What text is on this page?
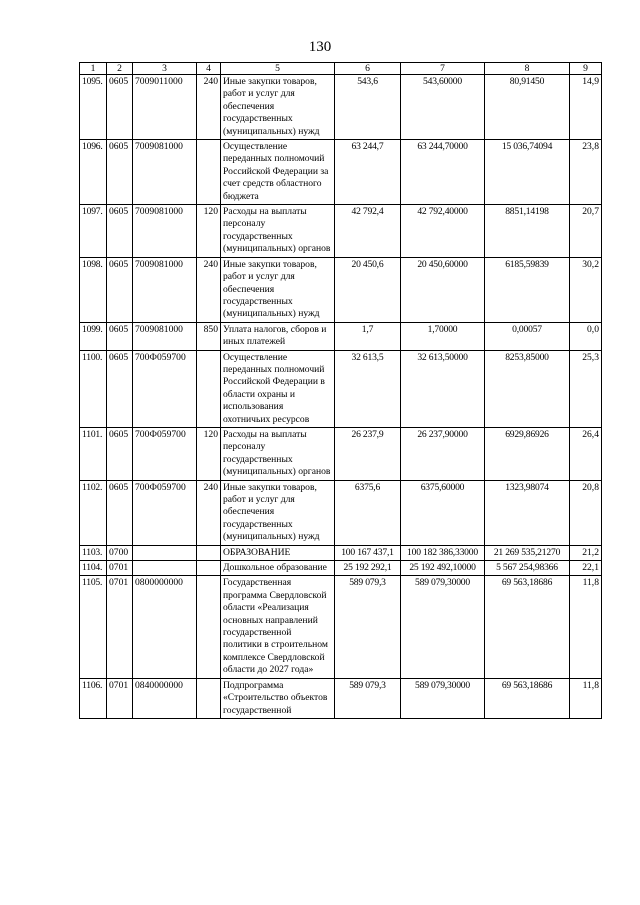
130
1	2	3	4	5	6	7	8	9
1095.	0605	7009011000	240	Иные закупки товаров, работ и услуг для обеспечения государственных (муниципальных) нужд	543,6	543,60000	80,91450	14,9
1096.	0605	7009081000		Осуществление переданных полномочий Российской Федерации за счет средств областного бюджета	63 244,7	63 244,70000	15 036,74094	23,8
1097.	0605	7009081000	120	Расходы на выплаты персоналу государственных (муниципальных) органов	42 792,4	42 792,40000	8851,14198	20,7
1098.	0605	7009081000	240	Иные закупки товаров, работ и услуг для обеспечения государственных (муниципальных) нужд	20 450,6	20 450,60000	6185,59839	30,2
1099.	0605	7009081000	850	Уплата налогов, сборов и иных платежей	1,7	1,70000	0,00057	0,0
1100.	0605	700Ф059700		Осуществление переданных полномочий Российской Федерации в области охраны и использования охотничьих ресурсов	32 613,5	32 613,50000	8253,85000	25,3
1101.	0605	700Ф059700	120	Расходы на выплаты персоналу государственных (муниципальных) органов	26 237,9	26 237,90000	6929,86926	26,4
1102.	0605	700Ф059700	240	Иные закупки товаров, работ и услуг для обеспечения государственных (муниципальных) нужд	6375,6	6375,60000	1323,98074	20,8
1103.	0700			ОБРАЗОВАНИЕ	100 167 437,1	100 182 386,33000	21 269 535,21270	21,2
1104.	0701			Дошкольное образование	25 192 292,1	25 192 492,10000	5 567 254,98366	22,1
1105.	0701	0800000000		Государственная программа Свердловской области «Реализация основных направлений государственной политики в строительном комплексе Свердловской области до 2027 года»	589 079,3	589 079,30000	69 563,18686	11,8
1106.	0701	0840000000		Подпрограмма «Строительство объектов государственной	589 079,3	589 079,30000	69 563,18686	11,8
